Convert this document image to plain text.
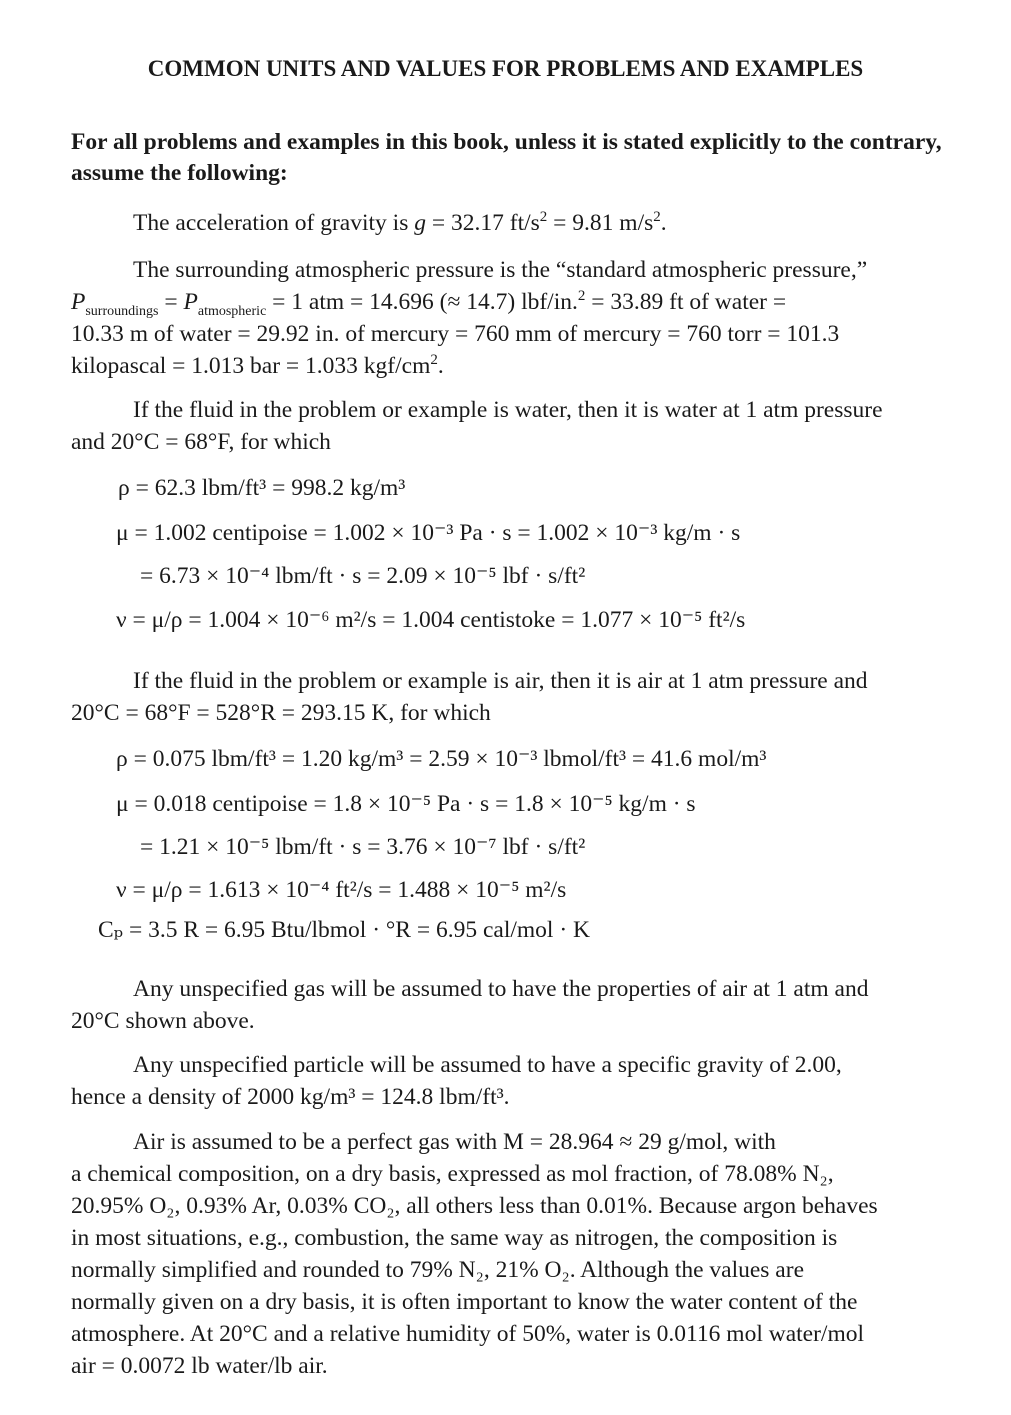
COMMON UNITS AND VALUES FOR PROBLEMS AND EXAMPLES
For all problems and examples in this book, unless it is stated explicitly to the contrary, assume the following:
The acceleration of gravity is g = 32.17 $ft/s^2 = 9.81$ $m/s^2$.
The surrounding atmospheric pressure is the “standard atmospheric pressure,”
$P_{surroundings} = P_{atmospheric} = 1$ atm = 14.696 (≈ 14.7) lbf/in.$^2$ = 33.89 ft of water =
10.33 m of water = 29.92 in. of mercury = 760 mm of mercury = 760 torr = 101.3
kilopascal = 1.013 bar = 1.033 kgf/$cm^2$.
If the fluid in the problem or example is water, then it is water at 1 atm pressure
and 20°C = 68°F, for which
ρ = 62.3 lbm/ft³ = 998.2 kg/m³
μ = 1.002 centipoise = 1.002 × 10⁻³ Pa · s = 1.002 × 10⁻³ kg/m · s
= 6.73 × 10⁻⁴ lbm/ft · s = 2.09 × 10⁻⁵ lbf · s/ft²
ν = μ/ρ = 1.004 × 10⁻⁶ m²/s = 1.004 centistoke = 1.077 × 10⁻⁵ ft²/s
If the fluid in the problem or example is air, then it is air at 1 atm pressure and
20°C = 68°F = 528°R = 293.15 K, for which
ρ = 0.075 lbm/ft³ = 1.20 kg/m³ = 2.59 × 10⁻³ lbmol/ft³ = 41.6 mol/m³
μ = 0.018 centipoise = 1.8 × 10⁻⁵ Pa · s = 1.8 × 10⁻⁵ kg/m · s
= 1.21 × 10⁻⁵ lbm/ft · s = 3.76 × 10⁻⁷ lbf · s/ft²
ν = μ/ρ = 1.613 × 10⁻⁴ ft²/s = 1.488 × 10⁻⁵ m²/s
Cₚ = 3.5 R = 6.95 Btu/lbmol · °R = 6.95 cal/mol · K
Any unspecified gas will be assumed to have the properties of air at 1 atm and
20°C shown above.
Any unspecified particle will be assumed to have a specific gravity of 2.00,
hence a density of 2000 kg/m³ = 124.8 lbm/ft³.
Air is assumed to be a perfect gas with M = 28.964 ≈ 29 g/mol, with
a chemical composition, on a dry basis, expressed as mol fraction, of 78.08% N₂,
20.95% O₂, 0.93% Ar, 0.03% CO₂, all others less than 0.01%. Because argon behaves
in most situations, e.g., combustion, the same way as nitrogen, the composition is
normally simplified and rounded to 79% N₂, 21% O₂. Although the values are
normally given on a dry basis, it is often important to know the water content of the
atmosphere. At 20°C and a relative humidity of 50%, water is 0.0116 mol water/mol
air = 0.0072 lb water/lb air.
